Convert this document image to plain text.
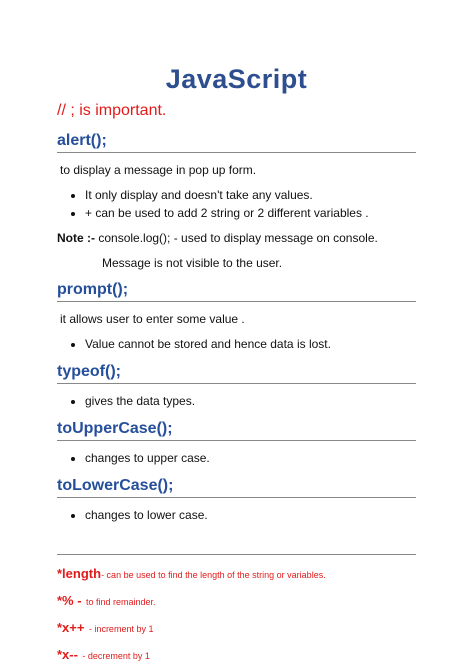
JavaScript
// ; is important.
alert();
to display a message in pop up form.
• It only display and doesn't take any values.
• + can be used to add 2 string or 2 different variables .
Note :- console.log(); - used to display message on console.
Message is not visible to the user.
prompt();
it allows user to enter some value .
• Value cannot be stored and hence data is lost.
typeof();
• gives the data types.
toUpperCase();
• changes to upper case.
toLowerCase();
• changes to lower case.
*length- can be used to find the length of the string or variables.
*% - to find remainder.
*x++ - increment by 1
*x-- - decrement by 1
